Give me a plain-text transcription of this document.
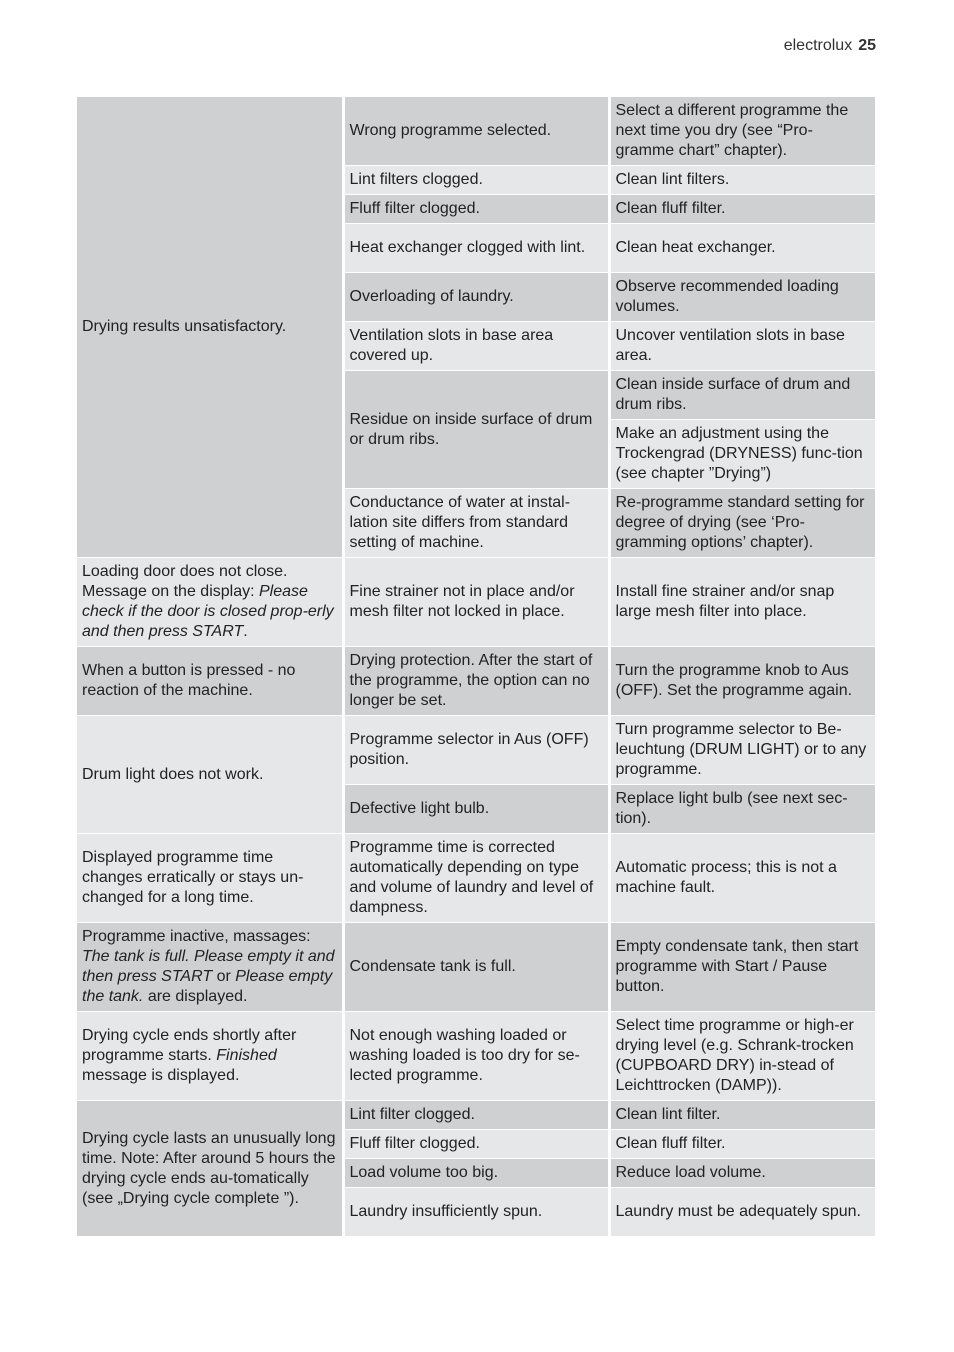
electrolux 25
Drying results unsatisfactory.	Wrong programme selected.	Select a different programme the next time you dry (see “Pro-gramme chart” chapter).
	Lint filters clogged.	Clean lint filters.
	Fluff filter clogged.	Clean fluff filter.
	Heat exchanger clogged with lint.	Clean heat exchanger.
	Overloading of laundry.	Observe recommended loading volumes.
	Ventilation slots in base area covered up.	Uncover ventilation slots in base area.
	Residue on inside surface of drum or drum ribs.	Clean inside surface of drum and drum ribs.
		Make an adjustment using the Trockengrad (DRYNESS) func-tion (see chapter ”Drying”)
	Conductance of water at instal-lation site differs from standard setting of machine.	Re-programme standard setting for degree of drying (see ‘Pro-gramming options’ chapter).
Loading door does not close. Message on the display: Please check if the door is closed prop-erly and then press START.	Fine strainer not in place and/or mesh filter not locked in place.	Install fine strainer and/or snap large mesh filter into place.
When a button is pressed - no reaction of the machine.	Drying protection. After the start of the programme, the option can no longer be set.	Turn the programme knob to Aus (OFF). Set the programme again.
Drum light does not work.	Programme selector in Aus (OFF) position.	Turn programme selector to Be-leuchtung (DRUM LIGHT) or to any programme.
	Defective light bulb.	Replace light bulb (see next sec-tion).
Displayed programme time changes erratically or stays un-changed for a long time.	Programme time is corrected automatically depending on type and volume of laundry and level of dampness.	Automatic process; this is not a machine fault.
Programme inactive, massages: The tank is full. Please empty it and then press START or Please empty the tank. are displayed.	Condensate tank is full.	Empty condensate tank, then start programme with Start / Pause button.
Drying cycle ends shortly after programme starts. Finished message is displayed.	Not enough washing loaded or washing loaded is too dry for se-lected programme.	Select time programme or high-er drying level (e.g. Schrank-trocken (CUPBOARD DRY) in-stead of Leichttrocken (DAMP)).
Drying cycle lasts an unusually long time. Note: After around 5 hours the drying cycle ends au-tomatically (see „Drying cycle complete ”).	Lint filter clogged.	Clean lint filter.
	Fluff filter clogged.	Clean fluff filter.
	Load volume too big.	Reduce load volume.
	Laundry insufficiently spun.	Laundry must be adequately spun.
